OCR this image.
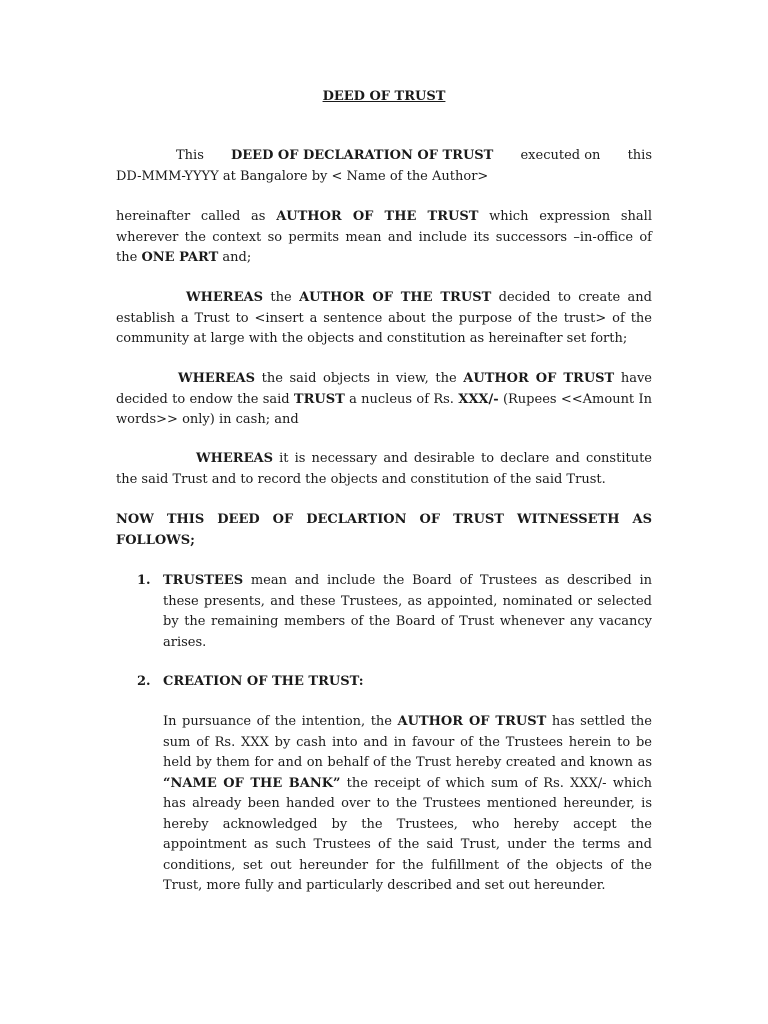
DEED OF TRUST
This DEED OF DECLARATION OF TRUST executed on this
DD-MMM-YYYY at Bangalore by < Name of the Author>

hereinafter called as AUTHOR OF THE TRUST which expression shall wherever the context so permits mean and include its successors –in-office of the ONE PART and;

WHEREAS the AUTHOR OF THE TRUST decided to create and establish a Trust to <insert a sentence about the purpose of the trust> of the community at large with the objects and constitution as hereinafter set forth;

WHEREAS the said objects in view, the AUTHOR OF TRUST have decided to endow the said TRUST a nucleus of Rs. XXX/- (Rupees <<Amount In words>> only) in cash; and

WHEREAS it is necessary and desirable to declare and constitute the said Trust and to record the objects and constitution of the said Trust.

NOW THIS DEED OF DECLARTION OF TRUST WITNESSETH AS FOLLOWS;

1. TRUSTEES mean and include the Board of Trustees as described in these presents, and these Trustees, as appointed, nominated or selected by the remaining members of the Board of Trust whenever any vacancy arises.
2. CREATION OF THE TRUST:

In pursuance of the intention, the AUTHOR OF TRUST has settled the sum of Rs. XXX by cash into and in favour of the Trustees herein to be held by them for and on behalf of the Trust hereby created and known as “NAME OF THE BANK” the receipt of which sum of Rs. XXX/- which has already been handed over to the Trustees mentioned hereunder, is hereby acknowledged by the Trustees, who hereby accept the appointment as such Trustees of the said Trust, under the terms and conditions, set out hereunder for the fulfillment of the objects of the Trust, more fully and particularly described and set out hereunder.
